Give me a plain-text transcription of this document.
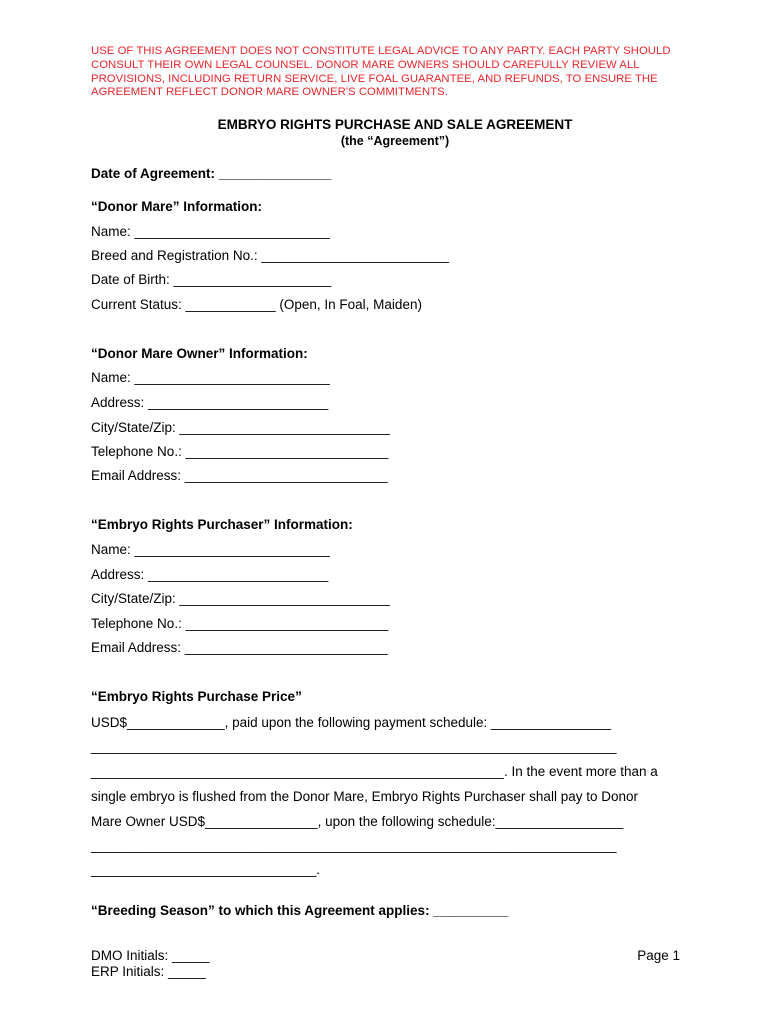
USE OF THIS AGREEMENT DOES NOT CONSTITUTE LEGAL ADVICE TO ANY PARTY. EACH PARTY SHOULD
CONSULT THEIR OWN LEGAL COUNSEL. DONOR MARE OWNERS SHOULD CAREFULLY REVIEW ALL
PROVISIONS, INCLUDING RETURN SERVICE, LIVE FOAL GUARANTEE, AND REFUNDS, TO ENSURE THE
AGREEMENT REFLECT DONOR MARE OWNER'S COMMITMENTS.
EMBRYO RIGHTS PURCHASE AND SALE AGREEMENT
(the “Agreement”)
Date of Agreement: _______________
“Donor Mare” Information:
Name: __________________________
Breed and Registration No.: _________________________
Date of Birth: _____________________
Current Status: ____________ (Open, In Foal, Maiden)
“Donor Mare Owner” Information:
Name: __________________________
Address: ________________________
City/State/Zip: ____________________________
Telephone No.: ___________________________
Email Address: ___________________________
“Embryo Rights Purchaser” Information:
Name: __________________________
Address: ________________________
City/State/Zip: ____________________________
Telephone No.: ___________________________
Email Address: ___________________________
“Embryo Rights Purchase Price”
USD$_____________, paid upon the following payment schedule: ________________
______________________________________________________________________
_______________________________________________________. In the event more than a
single embryo is flushed from the Donor Mare, Embryo Rights Purchaser shall pay to Donor
Mare Owner USD$_______________, upon the following schedule:_________________
______________________________________________________________________
______________________________.
“Breeding Season” to which this Agreement applies: __________
DMO Initials: _____
ERP Initials: _____
Page 1
